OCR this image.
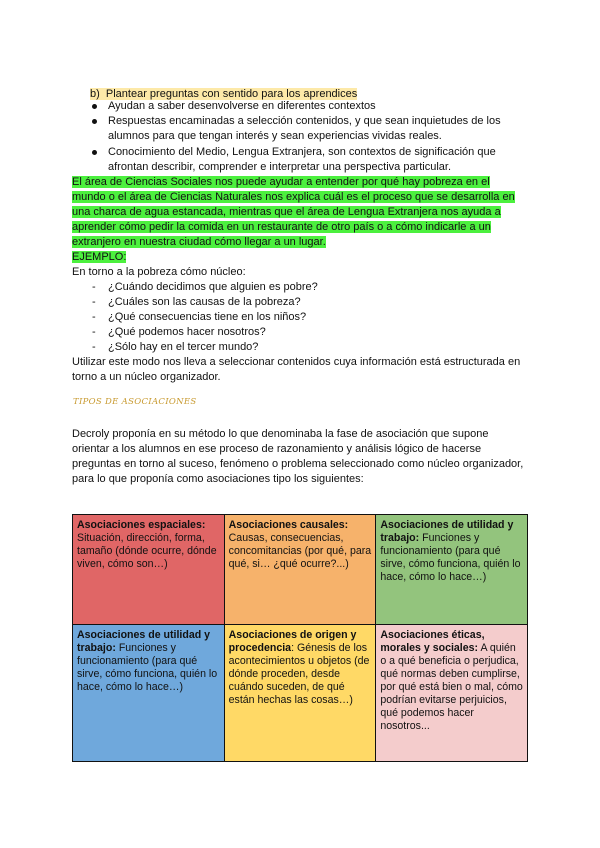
b) Plantear preguntas con sentido para los aprendices
Ayudan a saber desenvolverse en diferentes contextos
Respuestas encaminadas a selección contenidos, y que sean inquietudes de los
alumnos para que tengan interés y sean experiencias vividas reales.
Conocimiento del Medio, Lengua Extranjera, son contextos de significación que
afrontan describir, comprender e interpretar una perspectiva particular.
El área de Ciencias Sociales nos puede ayudar a entender por qué hay pobreza en el
mundo o el área de Ciencias Naturales nos explica cuál es el proceso que se desarrolla en
una charca de agua estancada, mientras que el área de Lengua Extranjera nos ayuda a
aprender cómo pedir la comida en un restaurante de otro país o a cómo indicarle a un
extranjero en nuestra ciudad cómo llegar a un lugar.
EJEMPLO:
En torno a la pobreza cómo núcleo:
- ¿Cuándo decidimos que alguien es pobre?
- ¿Cuáles son las causas de la pobreza?
- ¿Qué consecuencias tiene en los niños?
- ¿Qué podemos hacer nosotros?
- ¿Sólo hay en el tercer mundo?
Utilizar este modo nos lleva a seleccionar contenidos cuya información está estructurada en
torno a un núcleo organizador.
TIPOS DE ASOCIACIONES
Decroly proponía en su método lo que denominaba la fase de asociación que supone
orientar a los alumnos en ese proceso de razonamiento y análisis lógico de hacerse
preguntas en torno al suceso, fenómeno o problema seleccionado como núcleo organizador,
para lo que proponía como asociaciones tipo los siguientes:
Asociaciones espaciales: Situación, dirección, forma, tamaño (dónde ocurre, dónde viven, cómo son…)	Asociaciones causales: Causas, consecuencias, concomitancias (por qué, para qué, si… ¿qué ocurre?...)	Asociaciones de utilidad y trabajo: Funciones y funcionamiento (para qué sirve, cómo funciona, quién lo hace, cómo lo hace…)
Asociaciones de utilidad y trabajo: Funciones y funcionamiento (para qué sirve, cómo funciona, quién lo hace, cómo lo hace…)	Asociaciones de origen y procedencia: Génesis de los acontecimientos u objetos (de dónde proceden, desde cuándo suceden, de qué están hechas las cosas…)	Asociaciones éticas, morales y sociales: A quién o a qué beneficia o perjudica, qué normas deben cumplirse, por qué está bien o mal, cómo podrían evitarse perjuicios, qué podemos hacer nosotros...
